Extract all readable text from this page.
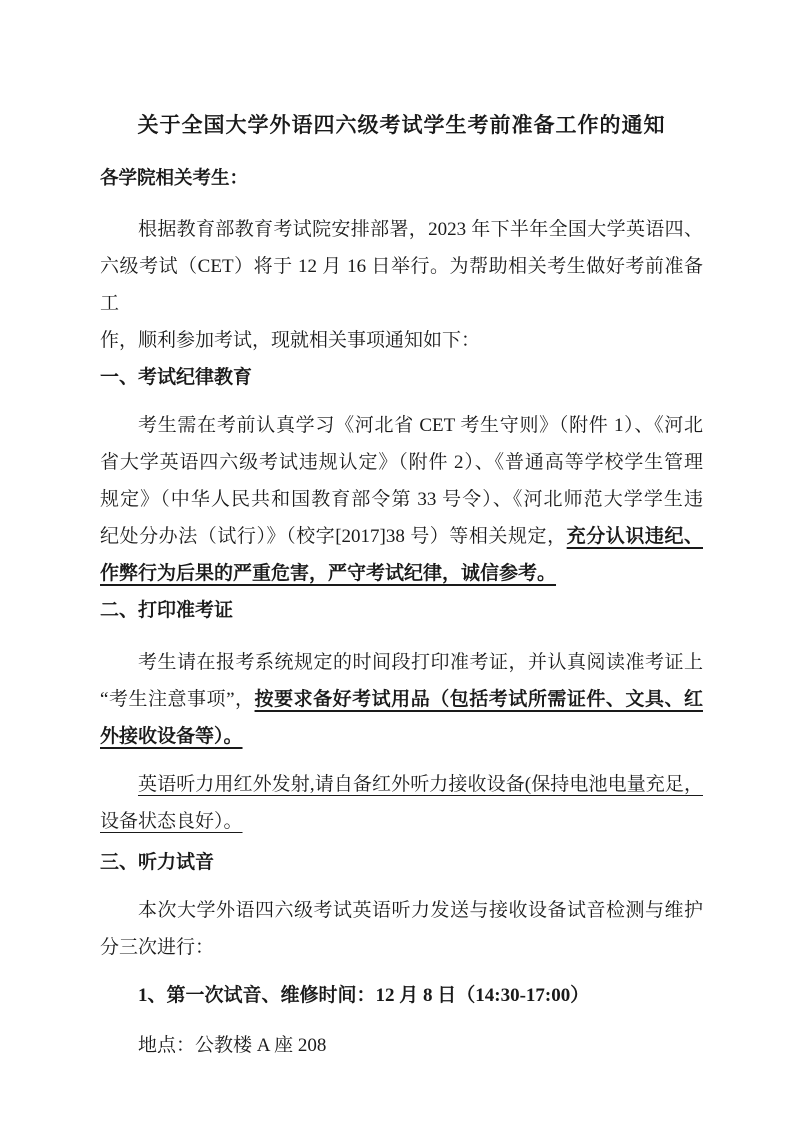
关于全国大学外语四六级考试学生考前准备工作的通知
各学院相关考生：
根据教育部教育考试院安排部署，2023 年下半年全国大学英语四、
六级考试（CET）将于 12 月 16 日举行。为帮助相关考生做好考前准备工
作，顺利参加考试，现就相关事项通知如下：
一、考试纪律教育
考生需在考前认真学习《河北省 CET 考生守则》（附件 1）、《河北
省大学英语四六级考试违规认定》（附件 2）、《普通高等学校学生管理
规定》（中华人民共和国教育部令第 33 号令）、《河北师范大学学生违
纪处分办法（试行）》（校字[2017]38 号）等相关规定，充分认识违纪、
作弊行为后果的严重危害，严守考试纪律，诚信参考。
二、打印准考证
考生请在报考系统规定的时间段打印准考证，并认真阅读准考证上
“考生注意事项”，按要求备好考试用品（包括考试所需证件、文具、红
外接收设备等）。
英语听力用红外发射,请自备红外听力接收设备(保持电池电量充足，
设备状态良好）。
三、听力试音
本次大学外语四六级考试英语听力发送与接收设备试音检测与维护
分三次进行：
1、第一次试音、维修时间：12 月 8 日（14:30-17:00）
地点：公教楼 A 座 208
